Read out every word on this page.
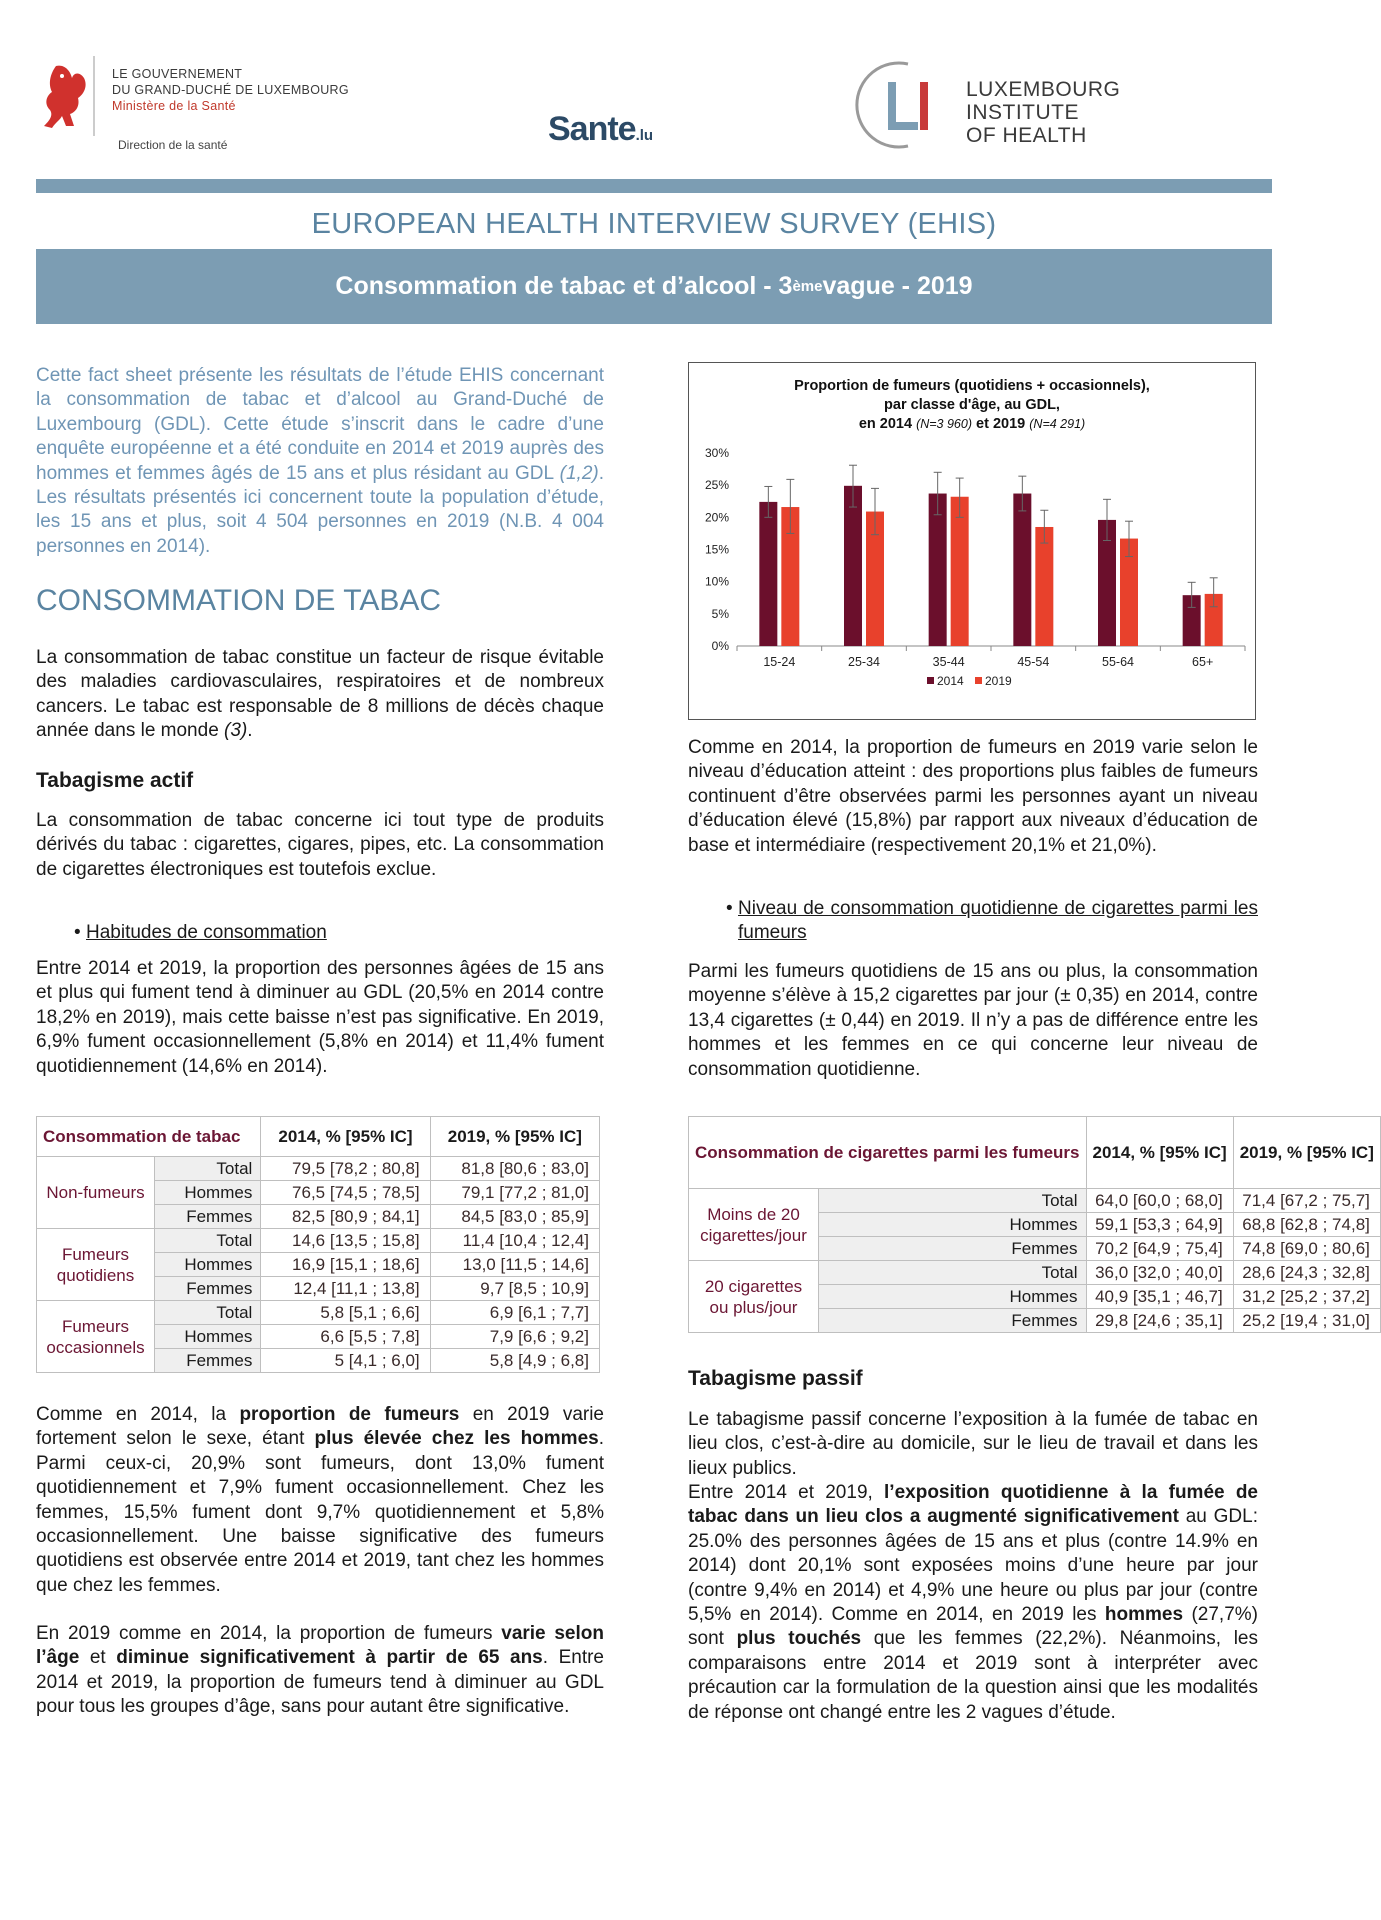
LE GOUVERNEMENT
DU GRAND-DUCHÉ DE LUXEMBOURG
Ministère de la Santé
Direction de la santé	Sante.lu
LUXEMBOURG
INSTITUTE
OF HEALTH
EUROPEAN HEALTH INTERVIEW SURVEY (EHIS)
Consommation de tabac et d’alcool - 3 ème vague - 2019

Cette fact sheet présente les résultats de l’étude EHIS concernant la consommation de tabac et d’alcool au Grand-Duché de Luxembourg (GDL). Cette étude s’inscrit dans le cadre d’une enquête européenne et a été conduite en 2014 et 2019 auprès des hommes et femmes âgés de 15 ans et plus résidant au GDL (1,2). Les résultats présentés ici concernent toute la population d’étude, les 15 ans et plus, soit 4 504 personnes en 2019 (N.B. 4 004 personnes en 2014).

CONSOMMATION DE TABAC

La consommation de tabac constitue un facteur de risque évitable des maladies cardiovasculaires, respiratoires et de nombreux cancers. Le tabac est responsable de 8 millions de décès chaque année dans le monde (3).

Tabagisme actif

La consommation de tabac concerne ici tout type de produits dérivés du tabac : cigarettes, cigares, pipes, etc. La consommation de cigarettes électroniques est toutefois exclue.

• Habitudes de consommation

Entre 2014 et 2019, la proportion des personnes âgées de 15 ans et plus qui fument tend à diminuer au GDL (20,5% en 2014 contre 18,2% en 2019), mais cette baisse n’est pas significative. En 2019, 6,9% fument occasionnellement (5,8% en 2014) et 11,4% fument quotidiennement (14,6% en 2014).

Consommation de tabac		2014, % [95% IC]	2019, % [95% IC]
Non-fumeurs	Total	79,5 [78,2 ; 80,8]	81,8 [80,6 ; 83,0]
	Hommes	76,5 [74,5 ; 78,5]	79,1 [77,2 ; 81,0]
	Femmes	82,5 [80,9 ; 84,1]	84,5 [83,0 ; 85,9]
Fumeurs quotidiens	Total	14,6 [13,5 ; 15,8]	11,4 [10,4 ; 12,4]
	Hommes	16,9 [15,1 ; 18,6]	13,0 [11,5 ; 14,6]
	Femmes	12,4 [11,1 ; 13,8]	9,7 [8,5 ; 10,9]
Fumeurs occasionnels	Total	5,8 [5,1 ; 6,6]	6,9 [6,1 ; 7,7]
	Hommes	6,6 [5,5 ; 7,8]	7,9 [6,6 ; 9,2]
	Femmes	5 [4,1 ; 6,0]	5,8 [4,9 ; 6,8]

Comme en 2014, la proportion de fumeurs en 2019 varie fortement selon le sexe, étant plus élevée chez les hommes. Parmi ceux-ci, 20,9% sont fumeurs, dont 13,0% fument quotidiennement et 7,9% fument occasionnellement. Chez les femmes, 15,5% fument dont 9,7% quotidiennement et 5,8% occasionnellement. Une baisse significative des fumeurs quotidiens est observée entre 2014 et 2019, tant chez les hommes que chez les femmes.

En 2019 comme en 2014, la proportion de fumeurs varie selon l’âge et diminue significativement à partir de 65 ans. Entre 2014 et 2019, la proportion de fumeurs tend à diminuer au GDL pour tous les groupes d’âge, sans pour autant être significative.

Proportion de fumeurs (quotidiens + occasionnels),
par classe d'âge, au GDL,
en 2014 (N=3 960) et 2019 (N=4 291)
0%
5%
10%
15%
20%
25%
30%
15-24	25-34	35-44	45-54	55-64	65+
2014 2019

Comme en 2014, la proportion de fumeurs en 2019 varie selon le niveau d’éducation atteint : des proportions plus faibles de fumeurs continuent d’être observées parmi les personnes ayant un niveau d’éducation élevé (15,8%) par rapport aux niveaux d’éducation de base et intermédiaire (respectivement 20,1% et 21,0%).

• Niveau de consommation quotidienne de cigarettes parmi les fumeurs

Parmi les fumeurs quotidiens de 15 ans ou plus, la consommation moyenne s’élève à 15,2 cigarettes par jour (± 0,35) en 2014, contre 13,4 cigarettes (± 0,44) en 2019. Il n’y a pas de différence entre les hommes et les femmes en ce qui concerne leur niveau de consommation quotidienne.

Consommation de cigarettes parmi les fumeurs		2014, % [95% IC]	2019, % [95% IC]
Moins de 20 cigarettes/jour	Total	64,0 [60,0 ; 68,0]	71,4 [67,2 ; 75,7]
	Hommes	59,1 [53,3 ; 64,9]	68,8 [62,8 ; 74,8]
	Femmes	70,2 [64,9 ; 75,4]	74,8 [69,0 ; 80,6]
20 cigarettes ou plus/jour	Total	36,0 [32,0 ; 40,0]	28,6 [24,3 ; 32,8]
	Hommes	40,9 [35,1 ; 46,7]	31,2 [25,2 ; 37,2]
	Femmes	29,8 [24,6 ; 35,1]	25,2 [19,4 ; 31,0]
Tabagisme passif

Le tabagisme passif concerne l’exposition à la fumée de tabac en lieu clos, c’est-à-dire au domicile, sur le lieu de travail et dans les lieux publics.

Entre 2014 et 2019, l’exposition quotidienne à la fumée de tabac dans un lieu clos a augmenté significativement au GDL: 25.0% des personnes âgées de 15 ans et plus (contre 14.9% en 2014) dont 20,1% sont exposées moins d’une heure par jour (contre 9,4% en 2014) et 4,9% une heure ou plus par jour (contre 5,5% en 2014). Comme en 2014, en 2019 les hommes (27,7%) sont plus touchés que les femmes (22,2%). Néanmoins, les comparaisons entre 2014 et 2019 sont à interpréter avec précaution car la formulation de la question ainsi que les modalités de réponse ont changé entre les 2 vagues d’étude.
